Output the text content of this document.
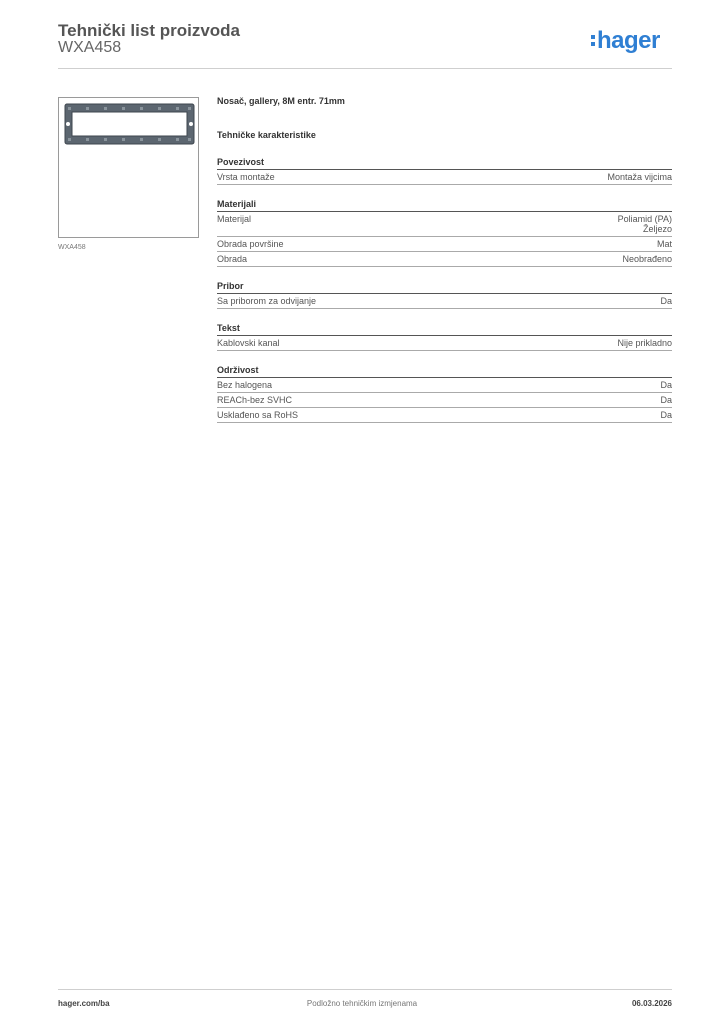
Tehnički list proizvoda
WXA458	hager
WXA458
Nosač, gallery, 8M entr. 71mm
Tehničke karakteristike
Povezivost
Vrsta montaže	Montaža vijcima
Materijali
Materijal	Poliamid (PA)
Željezo
Obrada površine	Mat
Obrada	Neobrađeno
Pribor
Sa priborom za odvijanje	Da
Tekst
Kablovski kanal	Nije prikladno
Održivost
Bez halogena	Da
REACh-bez SVHC	Da
Usklađeno sa RoHS	Da
hager.com/ba	Podložno tehničkim izmjenama	06.03.2026
